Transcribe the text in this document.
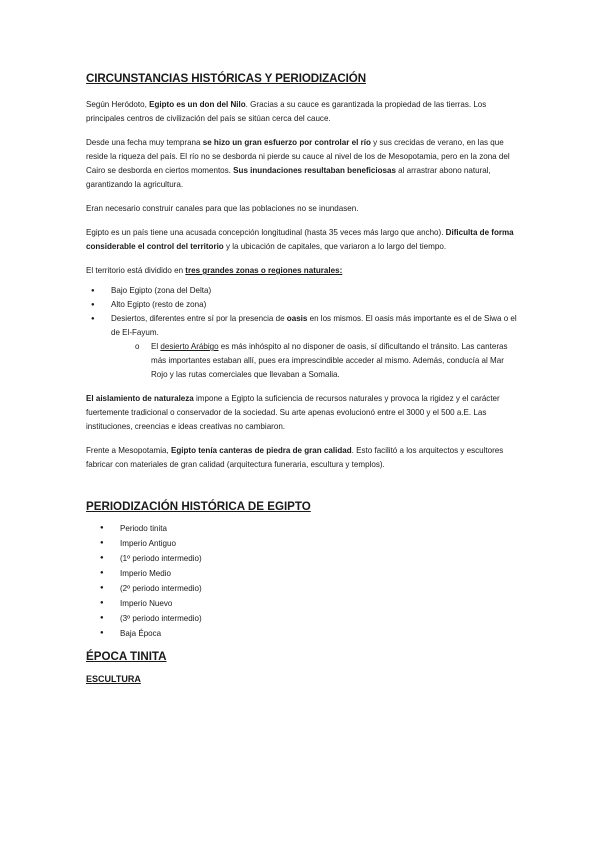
CIRCUNSTANCIAS HISTÓRICAS Y PERIODIZACIÓN

Según Heródoto, Egipto es un don del Nilo. Gracias a su cauce es garantizada la propiedad de las tierras. Los principales centros de civilización del país se sitúan cerca del cauce.

Desde una fecha muy temprana se hizo un gran esfuerzo por controlar el río y sus crecidas de verano, en las que reside la riqueza del país. El río no se desborda ni pierde su cauce al nivel de los de Mesopotamia, pero en la zona del Cairo se desborda en ciertos momentos. Sus inundaciones resultaban beneficiosas al arrastrar abono natural, garantizando la agricultura.

Eran necesario construir canales para que las poblaciones no se inundasen.

Egipto es un país tiene una acusada concepción longitudinal (hasta 35 veces más largo que ancho). Dificulta de forma considerable el control del territorio y la ubicación de capitales, que variaron a lo largo del tiempo.

El territorio está dividido en tres grandes zonas o regiones naturales:

● Bajo Egipto (zona del Delta)
● Alto Egipto (resto de zona)
● Desiertos, diferentes entre sí por la presencia de oasis en los mismos. El oasis más importante es el de Siwa o el de El-Fayum.
o El desierto Arábigo es más inhóspito al no disponer de oasis, sí dificultando el tránsito. Las canteras más importantes estaban allí, pues era imprescindible acceder al mismo. Además, conducía al Mar Rojo y las rutas comerciales que llevaban a Somalia.

El aislamiento de naturaleza impone a Egipto la suficiencia de recursos naturales y provoca la rigidez y el carácter fuertemente tradicional o conservador de la sociedad. Su arte apenas evolucionó entre el 3000 y el 500 a.E. Las instituciones, creencias e ideas creativas no cambiaron.

Frente a Mesopotamia, Egipto tenía canteras de piedra de gran calidad. Esto facilitó a los arquitectos y escultores fabricar con materiales de gran calidad (arquitectura funeraria, escultura y templos).

PERIODIZACIÓN HISTÓRICA DE EGIPTO
● Periodo tinita
● Imperio Antiguo
● (1º periodo intermedio)
● Imperio Medio
● (2º periodo intermedio)
● Imperio Nuevo
● (3º periodo intermedio)
● Baja Época
ÉPOCA TINITA
ESCULTURA
